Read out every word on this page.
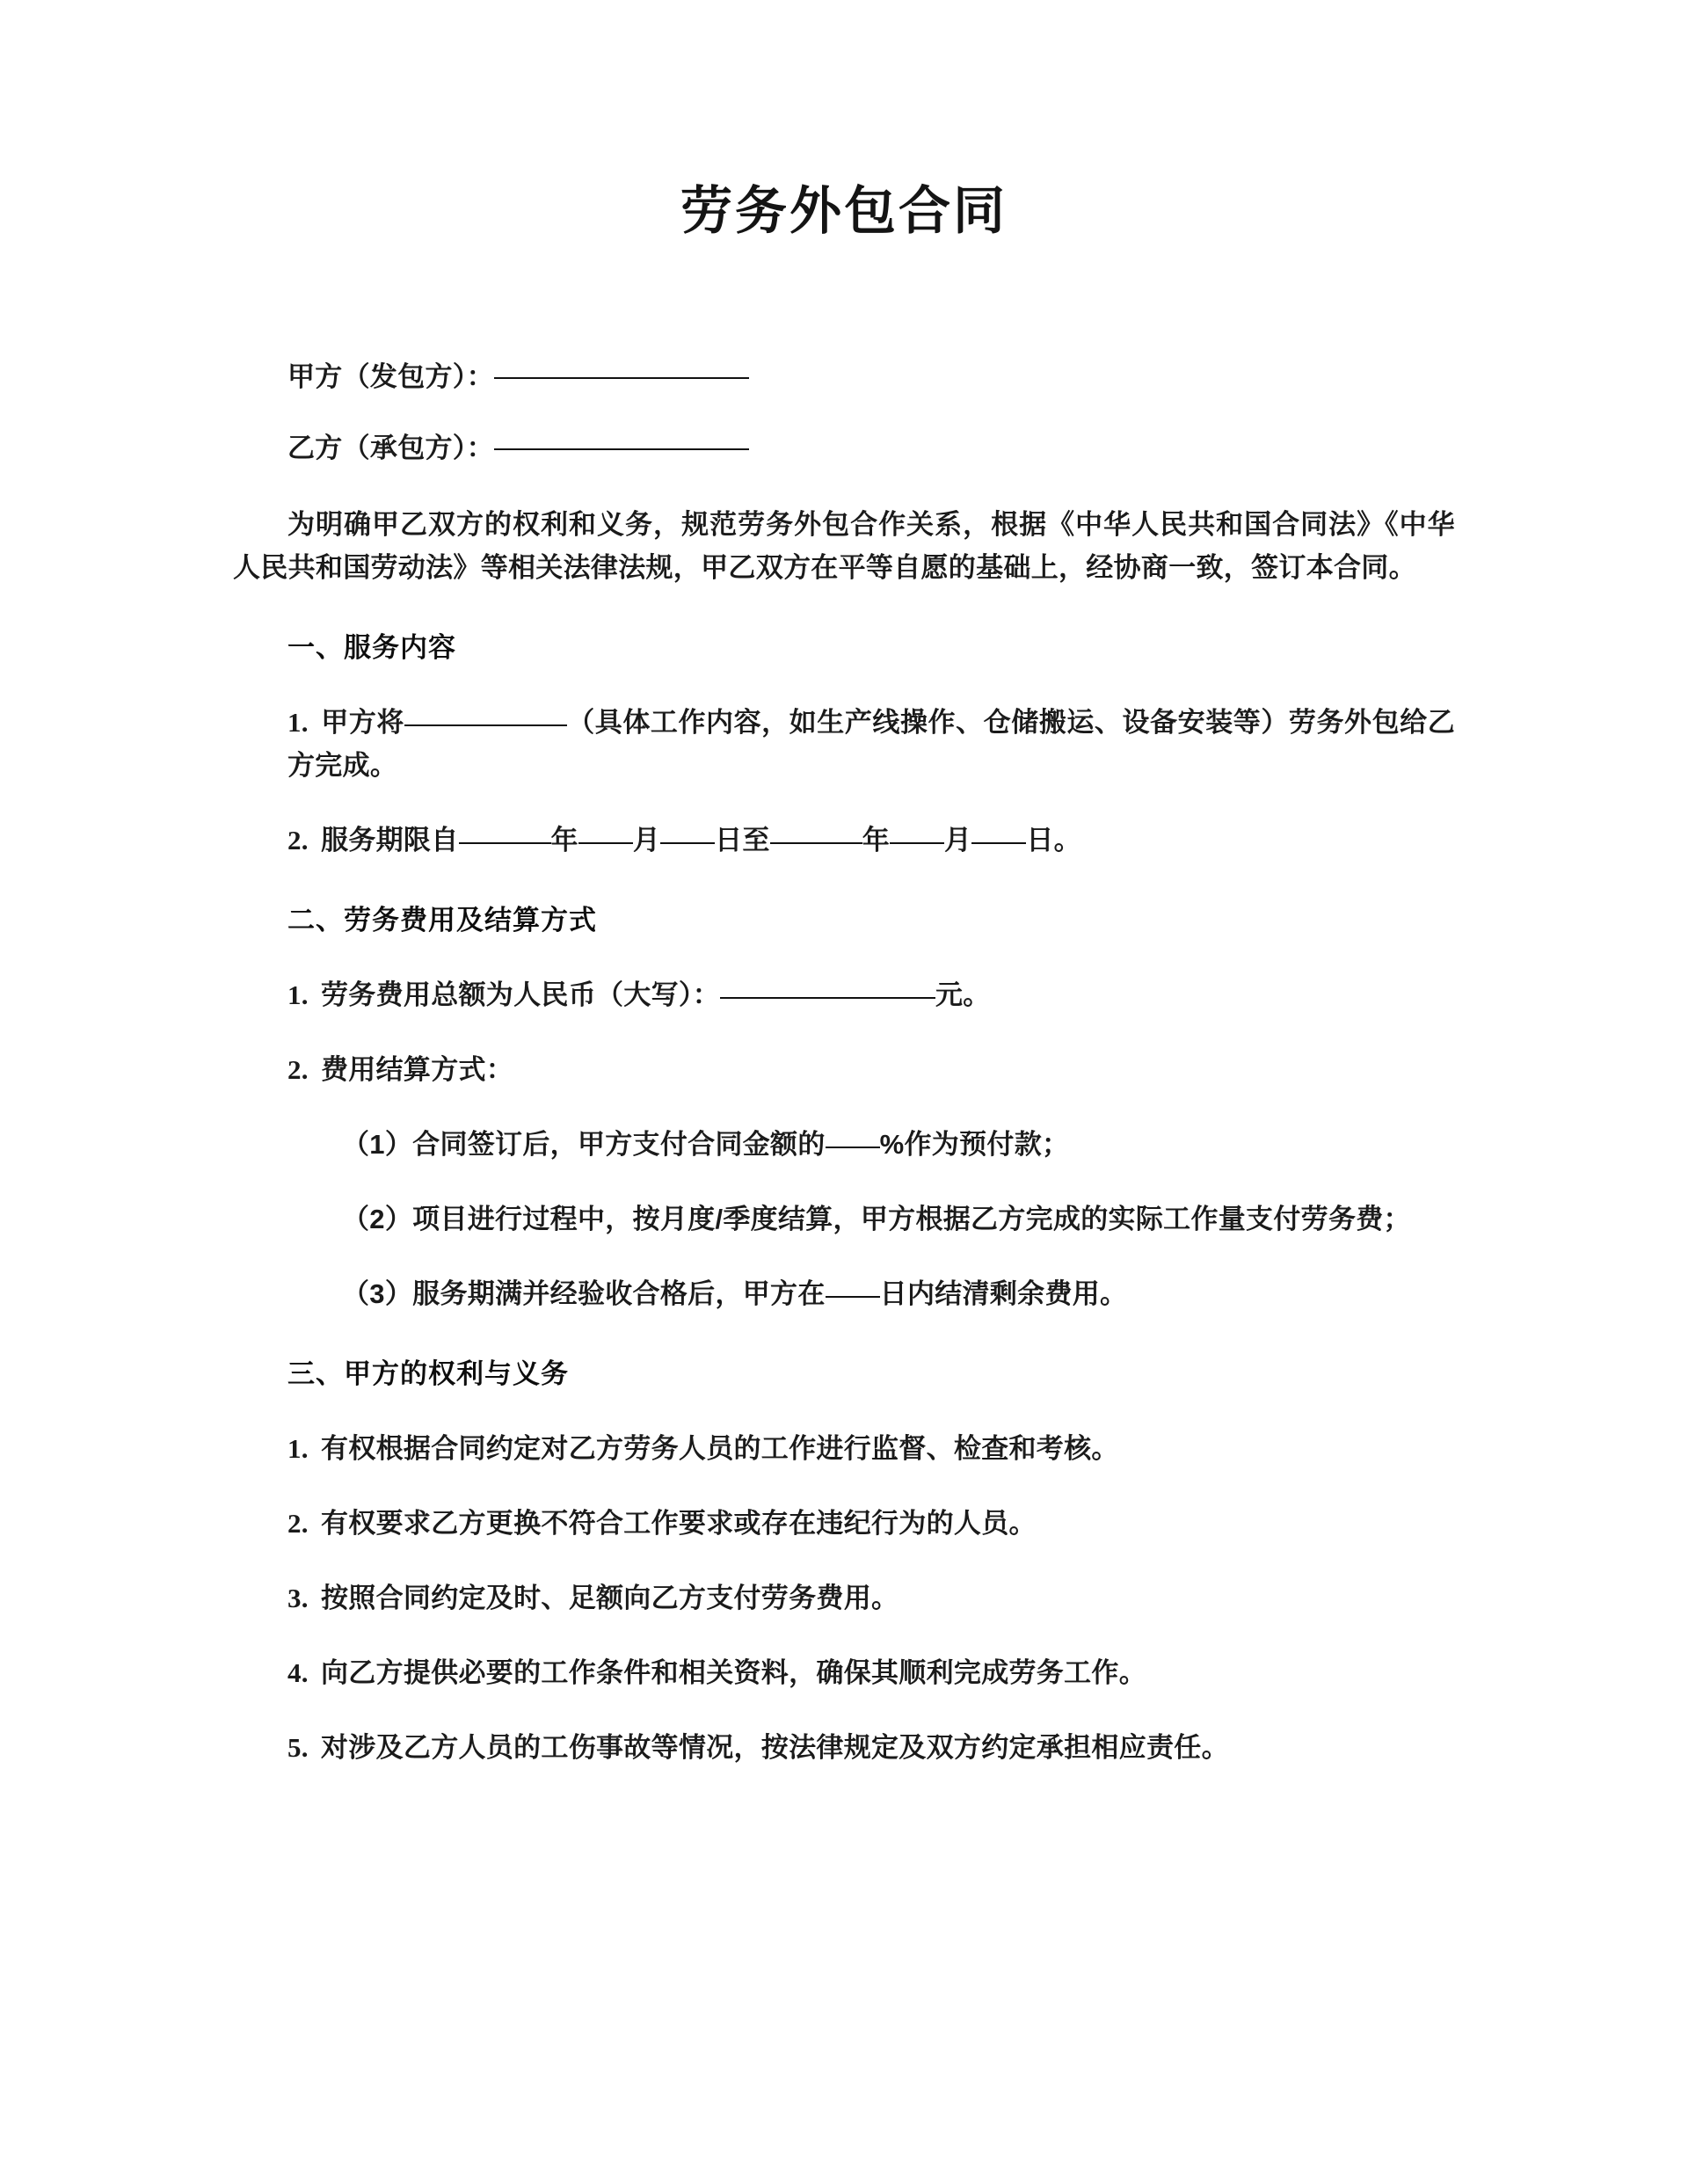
劳务外包合同

甲方（发包方）：

乙方（承包方）：

为明确甲乙双方的权利和义务，规范劳务外包合作关系，根据《中华人民共和国合同法》《中华人民共和国劳动法》等相关法律法规，甲乙双方在平等自愿的基础上，经协商一致，签订本合同。

一、服务内容

1. 甲方将	（具体工作内容，如生产线操作、仓储搬运、设备安装等）劳务外包给乙方完成。

2. 服务期限自	年 月 日至	年 月 日。

二、劳务费用及结算方式

1. 劳务费用总额为人民币（大写）：	元。

2. 费用结算方式：

（1）合同签订后，甲方支付合同金额的 %作为预付款；

（2）项目进行过程中，按月度/季度结算，甲方根据乙方完成的实际工作量支付劳务费；

（3）服务期满并经验收合格后，甲方在 日内结清剩余费用。

三、甲方的权利与义务

1. 有权根据合同约定对乙方劳务人员的工作进行监督、检查和考核。

2. 有权要求乙方更换不符合工作要求或存在违纪行为的人员。

3. 按照合同约定及时、足额向乙方支付劳务费用。

4. 向乙方提供必要的工作条件和相关资料，确保其顺利完成劳务工作。

5. 对涉及乙方人员的工伤事故等情况，按法律规定及双方约定承担相应责任。
